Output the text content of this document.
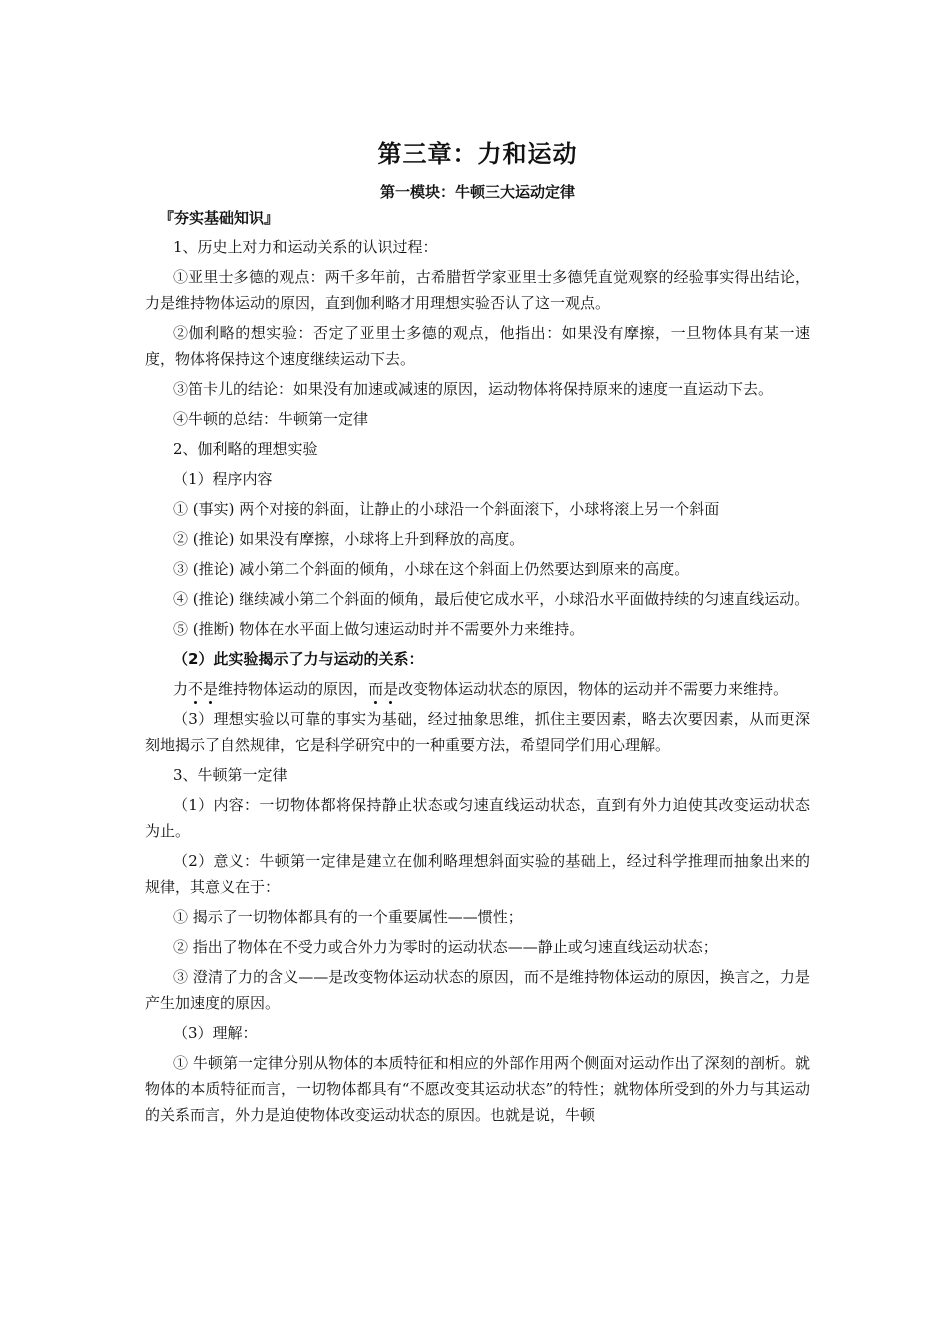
第三章：力和运动
第一模块：牛顿三大运动定律
『夯实基础知识』

1、历史上对力和运动关系的认识过程：

①亚里士多德的观点：两千多年前，古希腊哲学家亚里士多德凭直觉观察的经验事实得出结论，力是维持物体运动的原因，直到伽利略才用理想实验否认了这一观点。

②伽利略的想实验：否定了亚里士多德的观点，他指出：如果没有摩擦，一旦物体具有某一速度，物体将保持这个速度继续运动下去。

③笛卡儿的结论：如果没有加速或减速的原因，运动物体将保持原来的速度一直运动下去。

④牛顿的总结：牛顿第一定律

2、伽利略的理想实验

（1）程序内容

① (事实) 两个对接的斜面，让静止的小球沿一个斜面滚下，小球将滚上另一个斜面

② (推论) 如果没有摩擦，小球将上升到释放的高度。

③ (推论) 减小第二个斜面的倾角，小球在这个斜面上仍然要达到原来的高度。

④ (推论) 继续减小第二个斜面的倾角，最后使它成水平，小球沿水平面做持续的匀速直线运动。

⑤ (推断) 物体在水平面上做匀速运动时并不需要外力来维持。

（2）此实验揭示了力与运动的关系：

力不是维持物体运动的原因，而是改变物体运动状态的原因，物体的运动并不需要力来维持。

（3）理想实验以可靠的事实为基础，经过抽象思维，抓住主要因素，略去次要因素，从而更深刻地揭示了自然规律，它是科学研究中的一种重要方法，希望同学们用心理解。

3、牛顿第一定律

（1）内容：一切物体都将保持静止状态或匀速直线运动状态，直到有外力迫使其改变运动状态为止。

（2）意义：牛顿第一定律是建立在伽利略理想斜面实验的基础上，经过科学推理而抽象出来的规律，其意义在于：

① 揭示了一切物体都具有的一个重要属性——惯性；

② 指出了物体在不受力或合外力为零时的运动状态——静止或匀速直线运动状态；

③ 澄清了力的含义——是改变物体运动状态的原因，而不是维持物体运动的原因，换言之，力是产生加速度的原因。

（3）理解：

① 牛顿第一定律分别从物体的本质特征和相应的外部作用两个侧面对运动作出了深刻的剖析。就物体的本质特征而言，一切物体都具有“不愿改变其运动状态”的特性；就物体所受到的外力与其运动的关系而言，外力是迫使物体改变运动状态的原因。也就是说，牛顿
